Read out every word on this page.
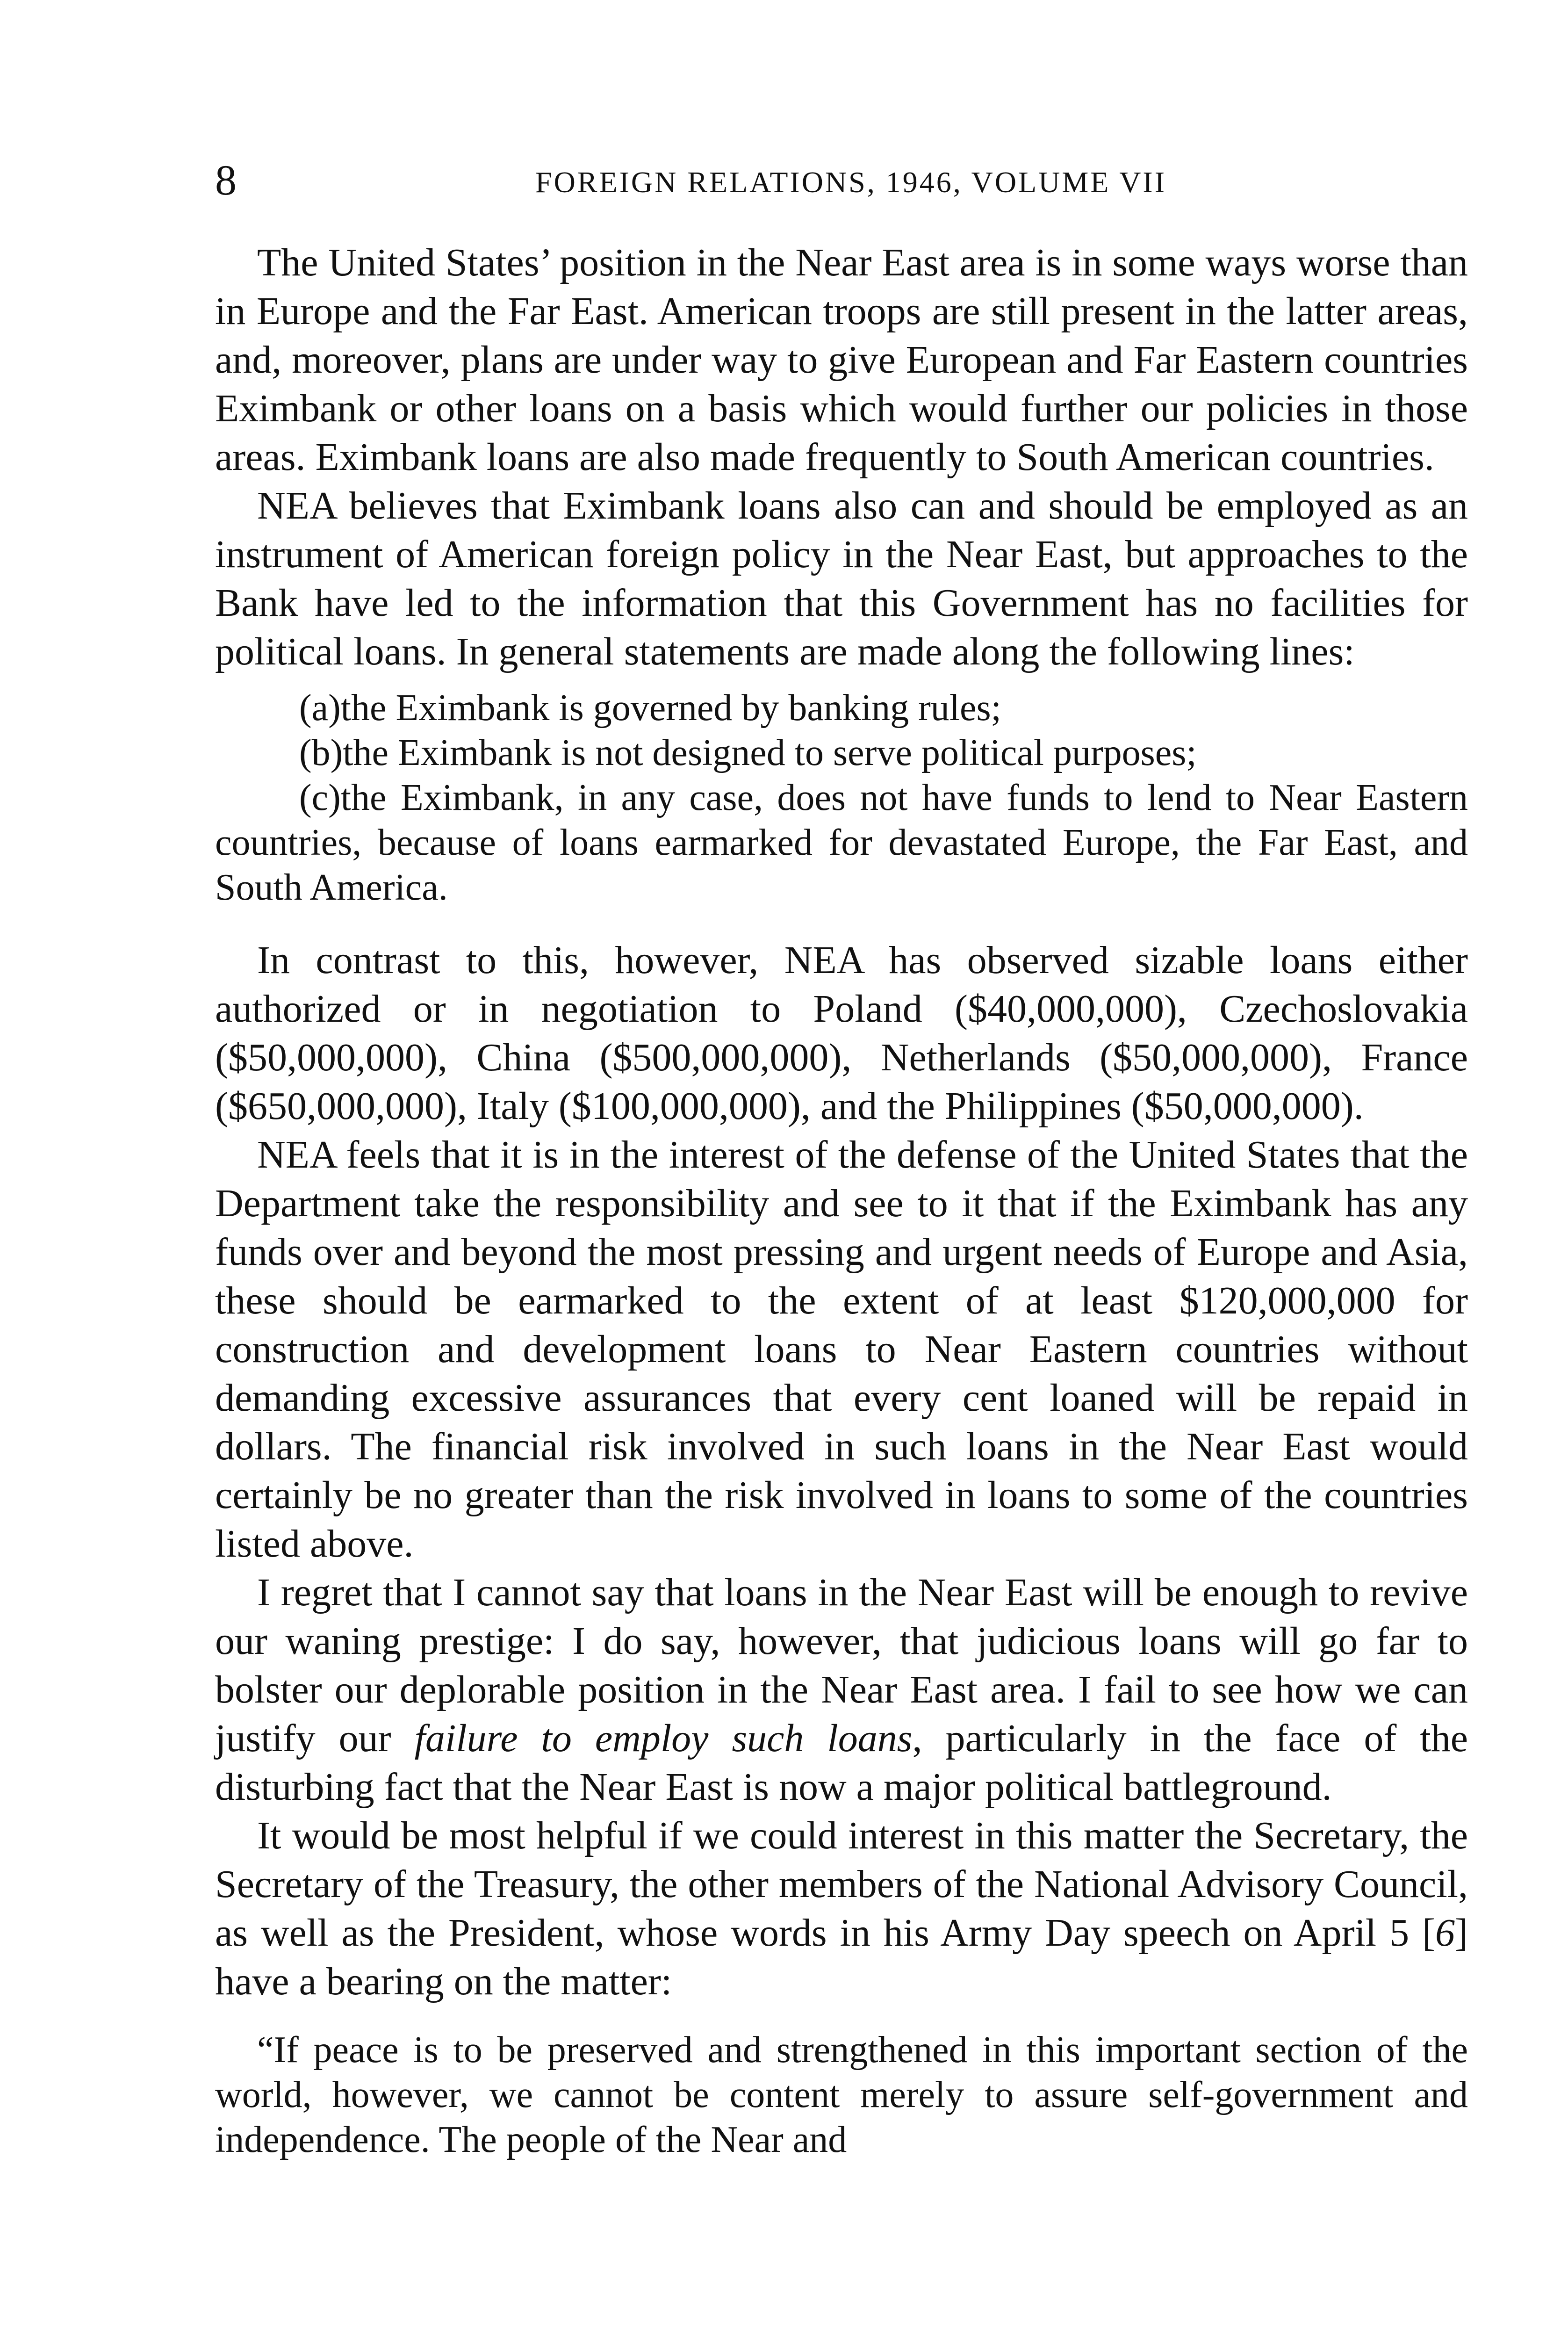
8	FOREIGN RELATIONS, 1946, VOLUME VII

The United States’ position in the Near East area is in some ways worse than in Europe and the Far East. American troops are still present in the latter areas, and, moreover, plans are under way to give European and Far Eastern countries Eximbank or other loans on a basis which would further our policies in those areas. Eximbank loans are also made frequently to South American countries.

NEA believes that Eximbank loans also can and should be employed as an instrument of American foreign policy in the Near East, but approaches to the Bank have led to the information that this Government has no facilities for political loans. In general statements are made along the following lines:

(a)the Eximbank is governed by banking rules;

(b)the Eximbank is not designed to serve political purposes;

(c)the Eximbank, in any case, does not have funds to lend to Near Eastern countries, because of loans earmarked for devastated Europe, the Far East, and South America.

In contrast to this, however, NEA has observed sizable loans either authorized or in negotiation to Poland ($40,000,000), Czechoslovakia ($50,000,000), China ($500,000,000), Netherlands ($50,000,000), France ($650,000,000), Italy ($100,000,000), and the Philippines ($50,000,000).

NEA feels that it is in the interest of the defense of the United States that the Department take the responsibility and see to it that if the Eximbank has any funds over and beyond the most pressing and urgent needs of Europe and Asia, these should be earmarked to the extent of at least $120,000,000 for construction and development loans to Near Eastern countries without demanding excessive assurances that every cent loaned will be repaid in dollars. The financial risk involved in such loans in the Near East would certainly be no greater than the risk involved in loans to some of the countries listed above.

I regret that I cannot say that loans in the Near East will be enough to revive our waning prestige: I do say, however, that judicious loans will go far to bolster our deplorable position in the Near East area. I fail to see how we can justify our failure to employ such loans, particularly in the face of the disturbing fact that the Near East is now a major political battleground.

It would be most helpful if we could interest in this matter the Secretary, the Secretary of the Treasury, the other members of the National Advisory Council, as well as the President, whose words in his Army Day speech on April 5 [6] have a bearing on the matter:

“If peace is to be preserved and strengthened in this important section of the world, however, we cannot be content merely to assure self-government and independence. The people of the Near and
